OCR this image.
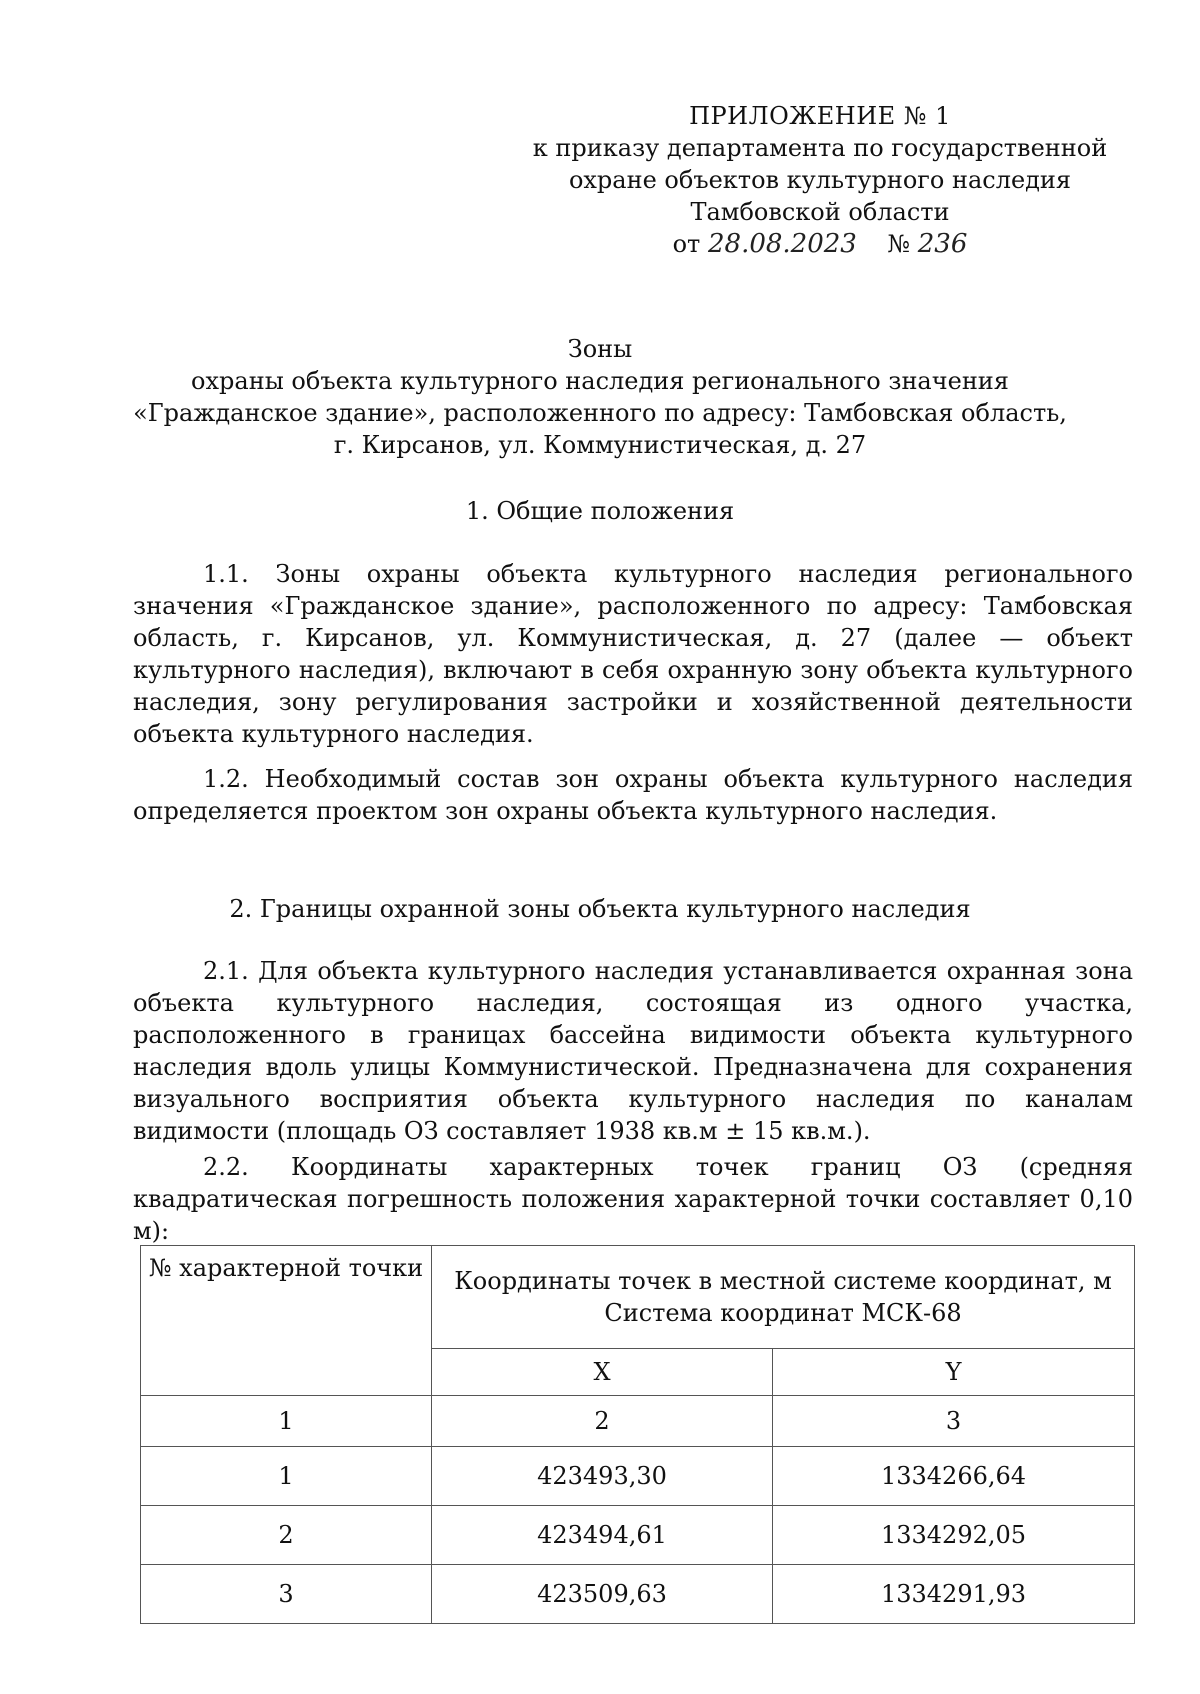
ПРИЛОЖЕНИЕ № 1
к приказу департамента по государственной
охране объектов культурного наследия
Тамбовской области
от 28.08.2023 № 236
Зоны
охраны объекта культурного наследия регионального значения
«Гражданское здание», расположенного по адресу: Тамбовская область,
г. Кирсанов, ул. Коммунистическая, д. 27
1. Общие положения
1.1. Зоны охраны объекта культурного наследия регионального значения «Гражданское здание», расположенного по адресу: Тамбовская область, г. Кирсанов, ул. Коммунистическая, д. 27 (далее — объект культурного наследия), включают в себя охранную зону объекта культурного наследия, зону регулирования застройки и хозяйственной деятельности объекта культурного наследия.
1.2. Необходимый состав зон охраны объекта культурного наследия определяется проектом зон охраны объекта культурного наследия.
2. Границы охранной зоны объекта культурного наследия
2.1. Для объекта культурного наследия устанавливается охранная зона объекта культурного наследия, состоящая из одного участка, расположенного в границах бассейна видимости объекта культурного наследия вдоль улицы Коммунистической. Предназначена для сохранения визуального восприятия объекта культурного наследия по каналам видимости (площадь ОЗ составляет 1938 кв.м ± 15 кв.м.).
2.2. Координаты характерных точек границ ОЗ (средняя квадратическая погрешность положения характерной точки составляет 0,10 м):
№ характерной точки	Координаты точек в местной системе координат, м
Система координат МСК-68	

	X	Y
1	2	3
1	423493,30	1334266,64
2	423494,61	1334292,05
3	423509,63	1334291,93
